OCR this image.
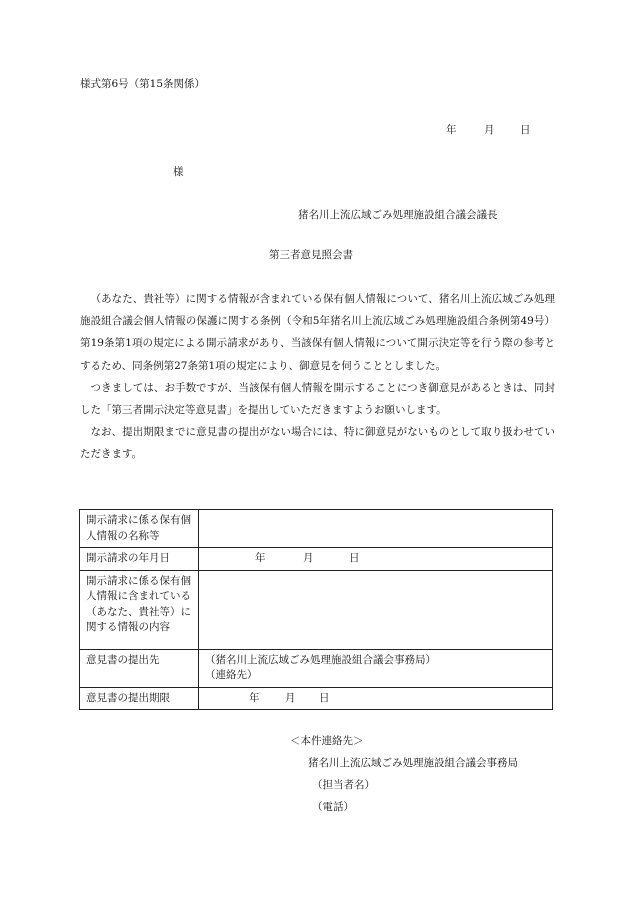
様式第6号（第15条関係）
年	月 日
様
猪名川上流広域ごみ処理施設組合議会議長
第三者意見照会書

（あなた、貴社等）に関する情報が含まれている保有個人情報について、猪名川上流広域ごみ処理施設組合議会個人情報の保護に関する条例（令和5年猪名川上流広域ごみ処理施設組合条例第49号）第19条第1項の規定による開示請求があり、当該保有個人情報について開示決定等を行う際の参考とするため、同条例第27条第1項の規定により、御意見を伺うこととしました。

つきましては、お手数ですが、当該保有個人情報を開示することにつき御意見があるときは、同封した「第三者開示決定等意見書」を提出していただきますようお願いします。

なお、提出期限までに意見書の提出がない場合には、特に御意見がないものとして取り扱わせていただきます。

開示請求に係る保有個人情報の名称等	
開示請求の年月日	年 月 日
開示請求に係る保有個人情報に含まれている（あなた、貴社等）に関する情報の内容	
意見書の提出先	（猪名川上流広域ごみ処理施設組合議会事務局）
（連絡先）

意見書の提出期限	年 月 日
＜本件連絡先＞
猪名川上流広域ごみ処理施設組合議会事務局
（担当者名）
（電話）
